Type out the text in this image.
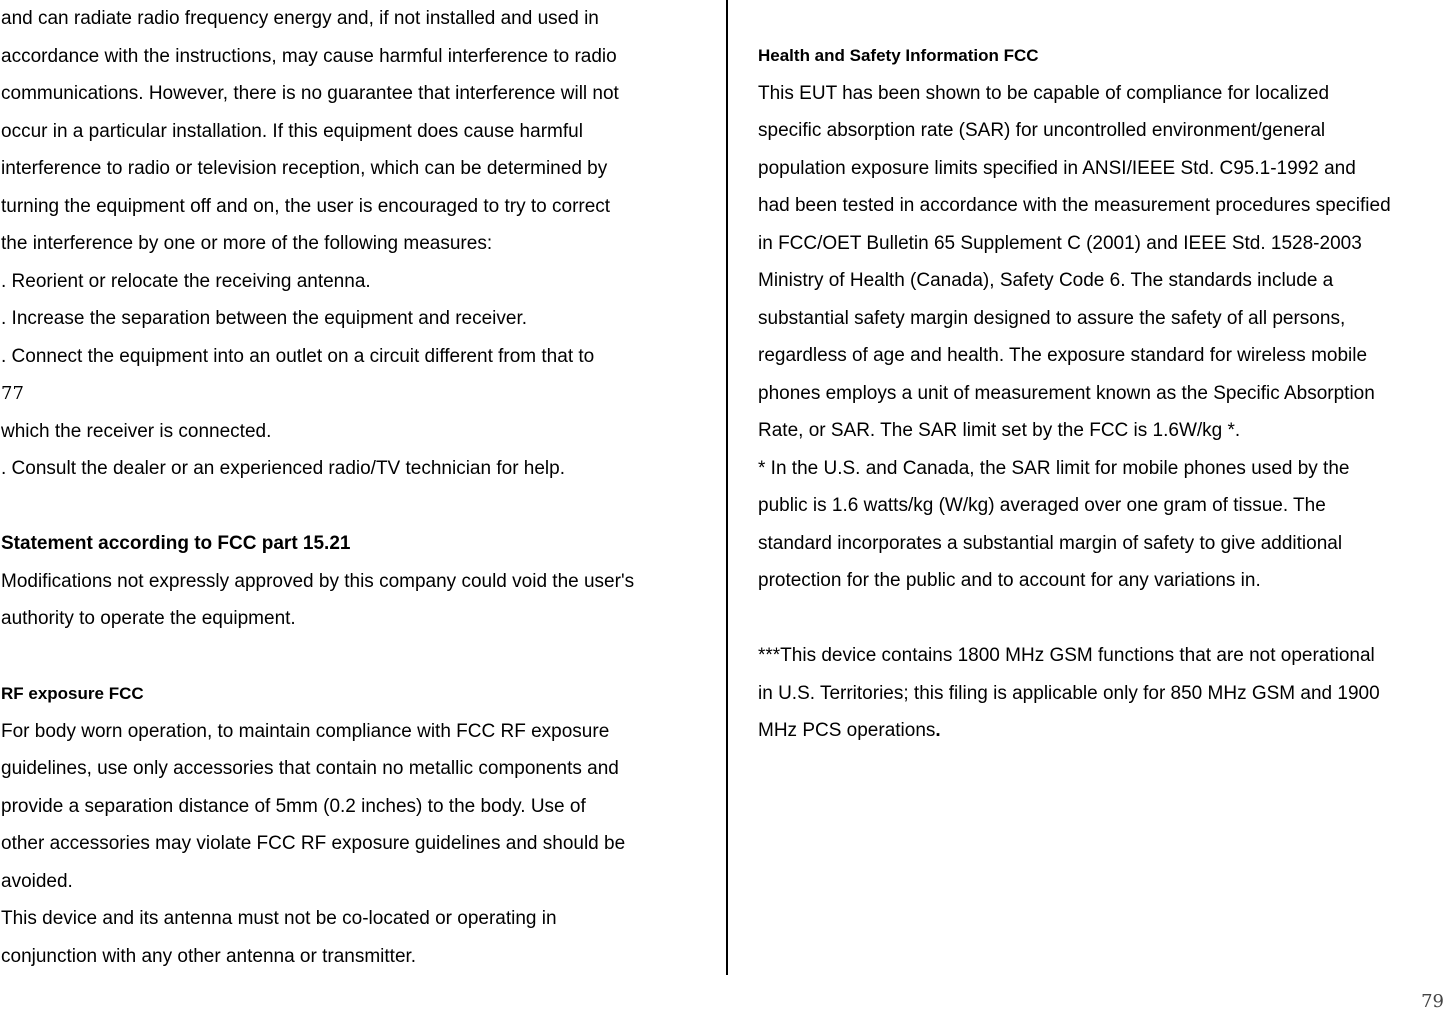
and can radiate radio frequency energy and, if not installed and used in
accordance with the instructions, may cause harmful interference to radio
communications. However, there is no guarantee that interference will not
occur in a particular installation. If this equipment does cause harmful
interference to radio or television reception, which can be determined by
turning the equipment off and on, the user is encouraged to try to correct
the interference by one or more of the following measures:
. Reorient or relocate the receiving antenna.
. Increase the separation between the equipment and receiver.
. Connect the equipment into an outlet on a circuit different from that to
77
which the receiver is connected.
. Consult the dealer or an experienced radio/TV technician for help.
Statement according to FCC part 15.21
Modifications not expressly approved by this company could void the user's
authority to operate the equipment.
RF exposure FCC
For body worn operation, to maintain compliance with FCC RF exposure
guidelines, use only accessories that contain no metallic components and
provide a separation distance of 5mm (0.2 inches) to the body. Use of
other accessories may violate FCC RF exposure guidelines and should be
avoided.
This device and its antenna must not be co-located or operating in
conjunction with any other antenna or transmitter.
Health and Safety Information FCC
This EUT has been shown to be capable of compliance for localized
specific absorption rate (SAR) for uncontrolled environment/general
population exposure limits specified in ANSI/IEEE Std. C95.1-1992 and
had been tested in accordance with the measurement procedures specified
in FCC/OET Bulletin 65 Supplement C (2001) and IEEE Std. 1528-2003
Ministry of Health (Canada), Safety Code 6. The standards include a
substantial safety margin designed to assure the safety of all persons,
regardless of age and health. The exposure standard for wireless mobile
phones employs a unit of measurement known as the Specific Absorption
Rate, or SAR. The SAR limit set by the FCC is 1.6W/kg *.
* In the U.S. and Canada, the SAR limit for mobile phones used by the
public is 1.6 watts/kg (W/kg) averaged over one gram of tissue. The
standard incorporates a substantial margin of safety to give additional
protection for the public and to account for any variations in.
***This device contains 1800 MHz GSM functions that are not operational
in U.S. Territories; this filing is applicable only for 850 MHz GSM and 1900
MHz PCS operations.
79
